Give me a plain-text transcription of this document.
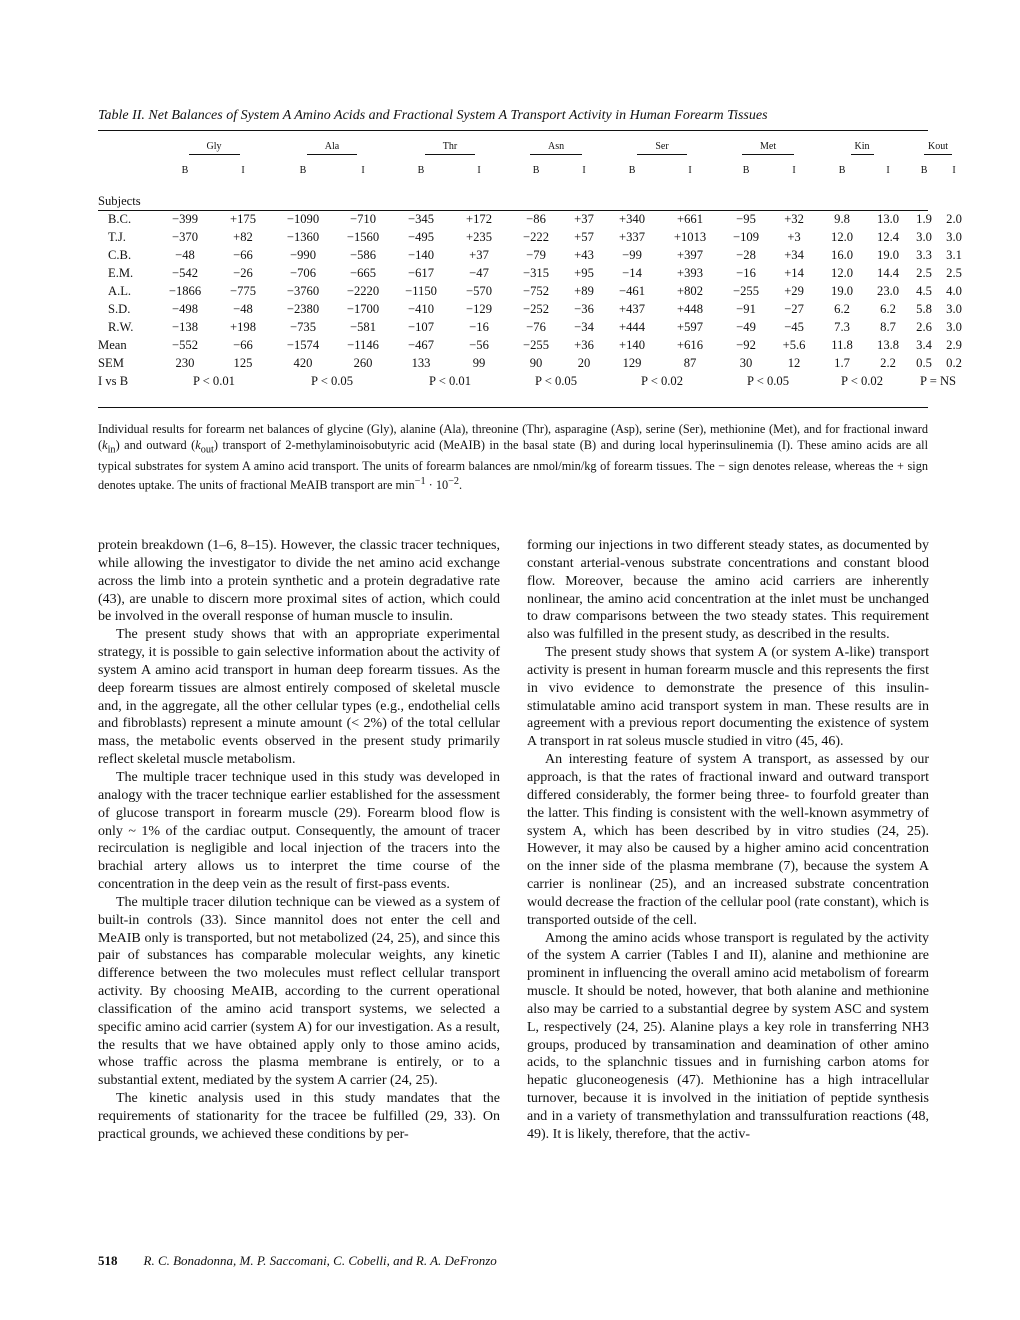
Table II. Net Balances of System A Amino Acids and Fractional System A Transport Activity in Human Forearm Tissues
	Gly		Ala		Thr		Asn		Ser		Met		Kin		Kout	
	B	I	B	I	B	I	B	I	B	I	B	I	B	I	B	I

Subjects																
B.C.	−399	+175	−1090	−710	−345	+172	−86	+37	+340	+661	−95	+32	9.8	13.0	1.9	2.0
T.J.	−370	+82	−1360	−1560	−495	+235	−222	+57	+337	+1013	−109	+3	12.0	12.4	3.0	3.0
C.B.	−48	−66	−990	−586	−140	+37	−79	+43	−99	+397	−28	+34	16.0	19.0	3.3	3.1
E.M.	−542	−26	−706	−665	−617	−47	−315	+95	−14	+393	−16	+14	12.0	14.4	2.5	2.5
A.L.	−1866	−775	−3760	−2220	−1150	−570	−752	+89	−461	+802	−255	+29	19.0	23.0	4.5	4.0
S.D.	−498	−48	−2380	−1700	−410	−129	−252	−36	+437	+448	−91	−27	6.2	6.2	5.8	3.0
R.W.	−138	+198	−735	−581	−107	−16	−76	−34	+444	+597	−49	−45	7.3	8.7	2.6	3.0
Mean	−552	−66	−1574	−1146	−467	−56	−255	+36	+140	+616	−92	+5.6	11.8	13.8	3.4	2.9
SEM	230	125	420	260	133	99	90	20	129	87	30	12	1.7	2.2	0.5	0.2
I vs B	P < 0.01		P < 0.05		P < 0.01		P < 0.05		P < 0.02		P < 0.05		P < 0.02		P = NS	
Individual results for forearm net balances of glycine (Gly), alanine (Ala), threonine (Thr), asparagine (Asp), serine (Ser), methionine (Met), and for fractional inward $(k_{in})$ and outward $(k_{out})$ transport of 2-methylaminoisobutyric acid (MeAIB) in the basal state (B) and during local hyperinsulinemia (I). These amino acids are all typical substrates for system A amino acid transport. The units of forearm balances are nmol/min/kg of forearm tissues. The − sign denotes release, whereas the + sign denotes uptake. The units of fractional MeAIB transport are $\min^{-1} \cdot 10^{-2}$.

protein breakdown (1–6, 8–15). However, the classic tracer techniques, while allowing the investigator to divide the net amino acid exchange across the limb into a protein synthetic and a protein degradative rate (43), are unable to discern more proximal sites of action, which could be involved in the overall response of human muscle to insulin.

The present study shows that with an appropriate experimental strategy, it is possible to gain selective information about the activity of system A amino acid transport in human deep forearm tissues. As the deep forearm tissues are almost entirely composed of skeletal muscle and, in the aggregate, all the other cellular types (e.g., endothelial cells and fibroblasts) represent a minute amount (< 2%) of the total cellular mass, the metabolic events observed in the present study primarily reflect skeletal muscle metabolism.

The multiple tracer technique used in this study was developed in analogy with the tracer technique earlier established for the assessment of glucose transport in forearm muscle (29). Forearm blood flow is only ~ 1% of the cardiac output. Consequently, the amount of tracer recirculation is negligible and local injection of the tracers into the brachial artery allows us to interpret the time course of the concentration in the deep vein as the result of first-pass events.

The multiple tracer dilution technique can be viewed as a system of built-in controls (33). Since mannitol does not enter the cell and MeAIB only is transported, but not metabolized (24, 25), and since this pair of substances has comparable molecular weights, any kinetic difference between the two molecules must reflect cellular transport activity. By choosing MeAIB, according to the current operational classification of the amino acid transport systems, we selected a specific amino acid carrier (system A) for our investigation. As a result, the results that we have obtained apply only to those amino acids, whose traffic across the plasma membrane is entirely, or to a substantial extent, mediated by the system A carrier (24, 25).

The kinetic analysis used in this study mandates that the requirements of stationarity for the tracee be fulfilled (29, 33). On practical grounds, we achieved these conditions by per-

forming our injections in two different steady states, as documented by constant arterial-venous substrate concentrations and constant blood flow. Moreover, because the amino acid carriers are inherently nonlinear, the amino acid concentration at the inlet must be unchanged to draw comparisons between the two steady states. This requirement also was fulfilled in the present study, as described in the results.

The present study shows that system A (or system A-like) transport activity is present in human forearm muscle and this represents the first in vivo evidence to demonstrate the presence of this insulin-stimulatable amino acid transport system in man. These results are in agreement with a previous report documenting the existence of system A transport in rat soleus muscle studied in vitro (45, 46).

An interesting feature of system A transport, as assessed by our approach, is that the rates of fractional inward and outward transport differed considerably, the former being three- to fourfold greater than the latter. This finding is consistent with the well-known asymmetry of system A, which has been described by in vitro studies (24, 25). However, it may also be caused by a higher amino acid concentration on the inner side of the plasma membrane (7), because the system A carrier is nonlinear (25), and an increased substrate concentration would decrease the fraction of the cellular pool (rate constant), which is transported outside of the cell.

Among the amino acids whose transport is regulated by the activity of the system A carrier (Tables I and II), alanine and methionine are prominent in influencing the overall amino acid metabolism of forearm muscle. It should be noted, however, that both alanine and methionine also may be carried to a substantial degree by system ASC and system L, respectively (24, 25). Alanine plays a key role in transferring NH3 groups, produced by transamination and deamination of other amino acids, to the splanchnic tissues and in furnishing carbon atoms for hepatic gluconeogenesis (47). Methionine has a high intracellular turnover, because it is involved in the initiation of peptide synthesis and in a variety of transmethylation and transsulfuration reactions (48, 49). It is likely, therefore, that the activ-

518 R. C. Bonadonna, M. P. Saccomani, C. Cobelli, and R. A. DeFronzo
